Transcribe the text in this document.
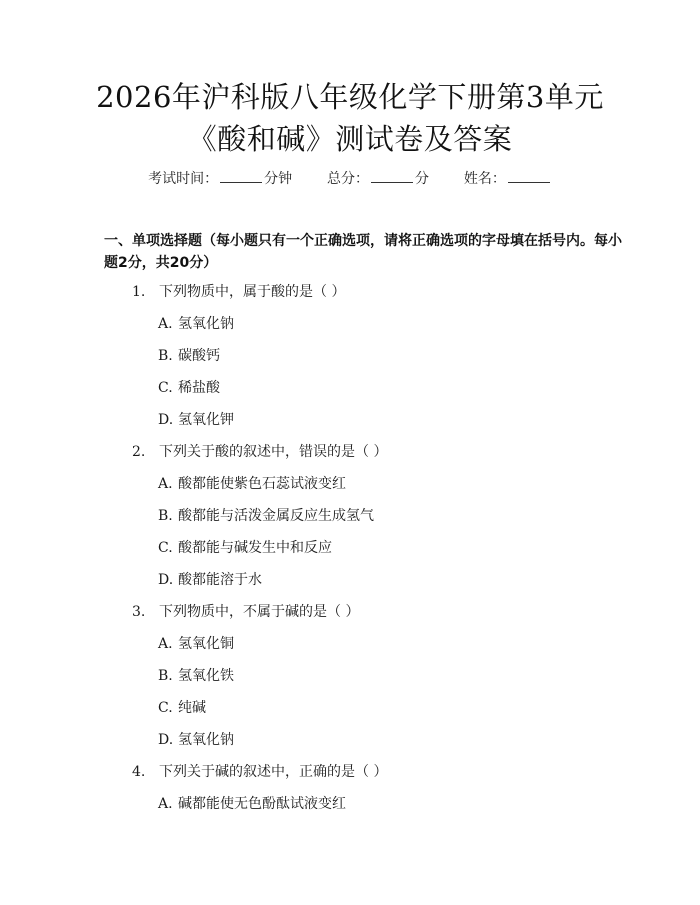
2026年沪科版八年级化学下册第3单元《酸和碱》测试卷及答案
考试时间：	分钟 总分：	分 姓名：
一、单项选择题（每小题只有一个正确选项，请将正确选项的字母填在括号内。每小题2分，共20分）
1. 下列物质中，属于酸的是（ ）
A. 氢氧化钠
B. 碳酸钙
C. 稀盐酸
D. 氢氧化钾
2. 下列关于酸的叙述中，错误的是（ ）
A. 酸都能使紫色石蕊试液变红
B. 酸都能与活泼金属反应生成氢气
C. 酸都能与碱发生中和反应
D. 酸都能溶于水
3. 下列物质中，不属于碱的是（ ）
A. 氢氧化铜
B. 氢氧化铁
C. 纯碱
D. 氢氧化钠
4. 下列关于碱的叙述中，正确的是（ ）
A. 碱都能使无色酚酞试液变红
